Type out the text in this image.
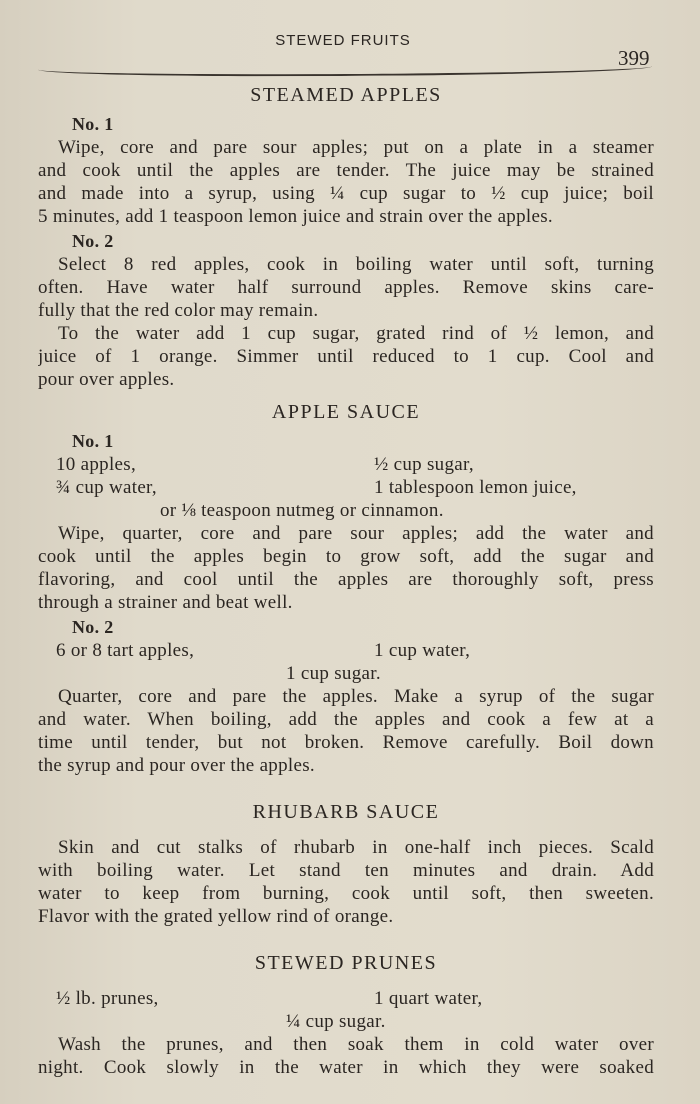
STEWED FRUITS
399
STEAMED APPLES
No. 1
Wipe, core and pare sour apples; put on a plate in a steamer
and cook until the apples are tender. The juice may be strained
and made into a syrup, using ¼ cup sugar to ½ cup juice; boil
5 minutes, add 1 teaspoon lemon juice and strain over the apples.
No. 2
Select 8 red apples, cook in boiling water until soft, turning
often. Have water half surround apples. Remove skins care-
fully that the red color may remain.
To the water add 1 cup sugar, grated rind of ½ lemon, and
juice of 1 orange. Simmer until reduced to 1 cup. Cool and
pour over apples.
APPLE SAUCE
No. 1
10 apples,	½ cup sugar,
¾ cup water,	1 tablespoon lemon juice,
or ⅛ teaspoon nutmeg or cinnamon.
Wipe, quarter, core and pare sour apples; add the water and
cook until the apples begin to grow soft, add the sugar and
flavoring, and cool until the apples are thoroughly soft, press
through a strainer and beat well.
No. 2
6 or 8 tart apples,	1 cup water,
1 cup sugar.
Quarter, core and pare the apples. Make a syrup of the sugar
and water. When boiling, add the apples and cook a few at a
time until tender, but not broken. Remove carefully. Boil down
the syrup and pour over the apples.
RHUBARB SAUCE
Skin and cut stalks of rhubarb in one-half inch pieces. Scald
with boiling water. Let stand ten minutes and drain. Add
water to keep from burning, cook until soft, then sweeten.
Flavor with the grated yellow rind of orange.
STEWED PRUNES
½ lb. prunes,	1 quart water,
¼ cup sugar.
Wash the prunes, and then soak them in cold water over
night. Cook slowly in the water in which they were soaked
